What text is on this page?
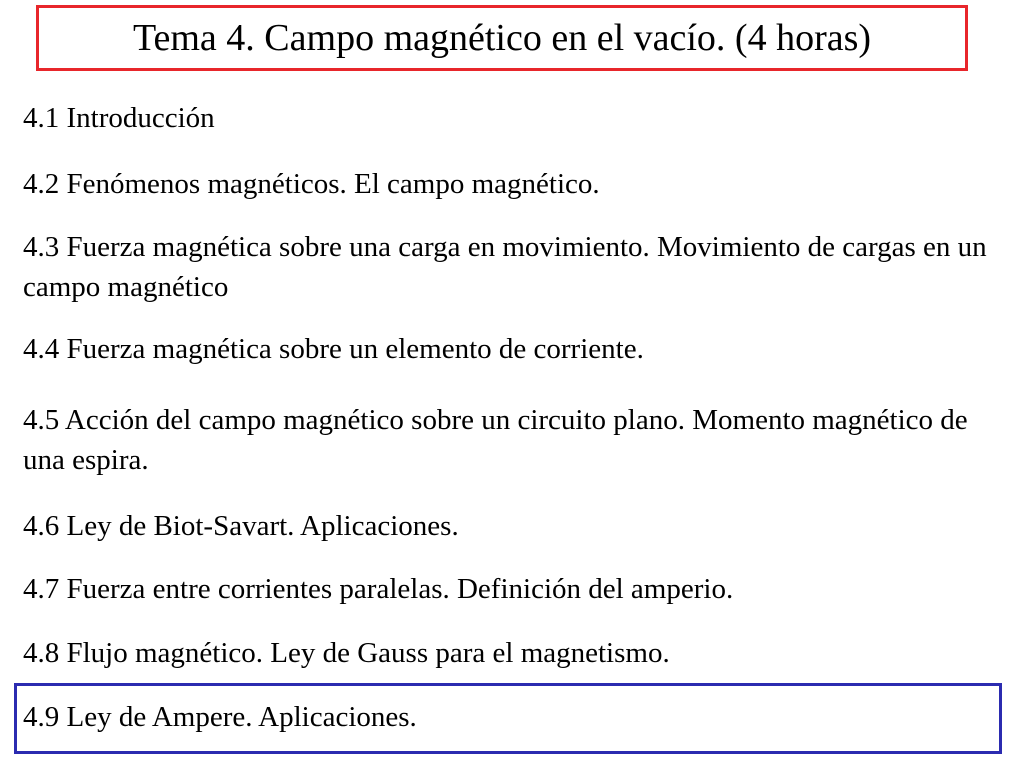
Tema 4. Campo magnético en el vacío. (4 horas)
4.1 Introducción
4.2 Fenómenos magnéticos. El campo magnético.
4.3 Fuerza magnética sobre una carga en movimiento. Movimiento de cargas en un campo magnético
4.4 Fuerza magnética sobre un elemento de corriente.
4.5 Acción del campo magnético sobre un circuito plano. Momento magnético de una espira.
4.6 Ley de Biot-Savart. Aplicaciones.
4.7 Fuerza entre corrientes paralelas. Definición del amperio.
4.8 Flujo magnético. Ley de Gauss para el magnetismo.
4.9 Ley de Ampere. Aplicaciones.
